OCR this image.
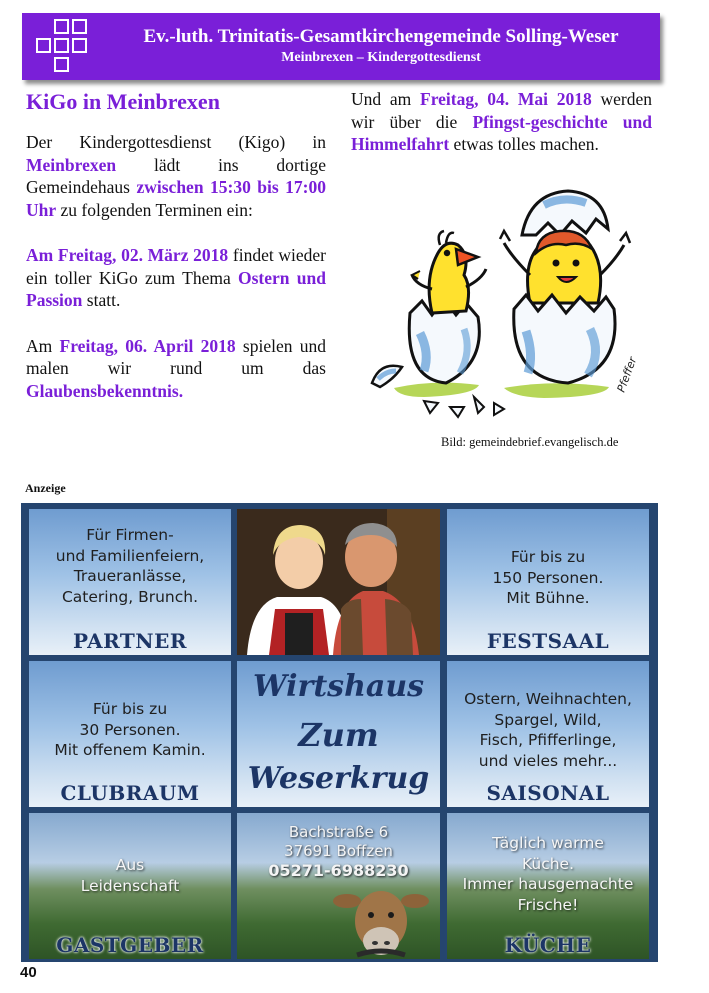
Ev.-luth. Trinitatis-Gesamtkirchengemeinde Solling-Weser
Meinbrexen – Kindergottesdienst
KiGo in Meinbrexen

Der Kindergottesdienst (Kigo) in Meinbrexen lädt ins dortige Gemeindehaus zwischen 15:30 bis 17:00 Uhr zu folgenden Terminen ein:

Am Freitag, 02. März 2018 findet wieder ein toller KiGo zum Thema Ostern und Passion statt.

Am Freitag, 06. April 2018 spielen und malen wir rund um das Glaubensbekenntnis.

Und am Freitag, 04. Mai 2018 werden wir über die Pfingst-geschichte und Himmelfahrt etwas tolles machen.

Pfeffer
Bild: gemeindebrief.evangelisch.de
Anzeige
Für Firmen-
und Familienfeiern,
Traueranlässe,
Catering, Brunch.
PARTNER
Für bis zu
150 Personen.
Mit Bühne.
FESTSAAL
Für bis zu
30 Personen.
Mit offenem Kamin.
CLUBRAUM
Wirtshaus
Zum
Weserkrug
Ostern, Weihnachten,
Spargel, Wild,
Fisch, Pfifferlinge,
und vieles mehr...
SAISONAL
Aus
Leidenschaft
GASTGEBER
Bachstraße 6
37691 Boffzen
05271-6988230
Täglich warme
Küche.
Immer hausgemachte
Frische!
KÜCHE
40
